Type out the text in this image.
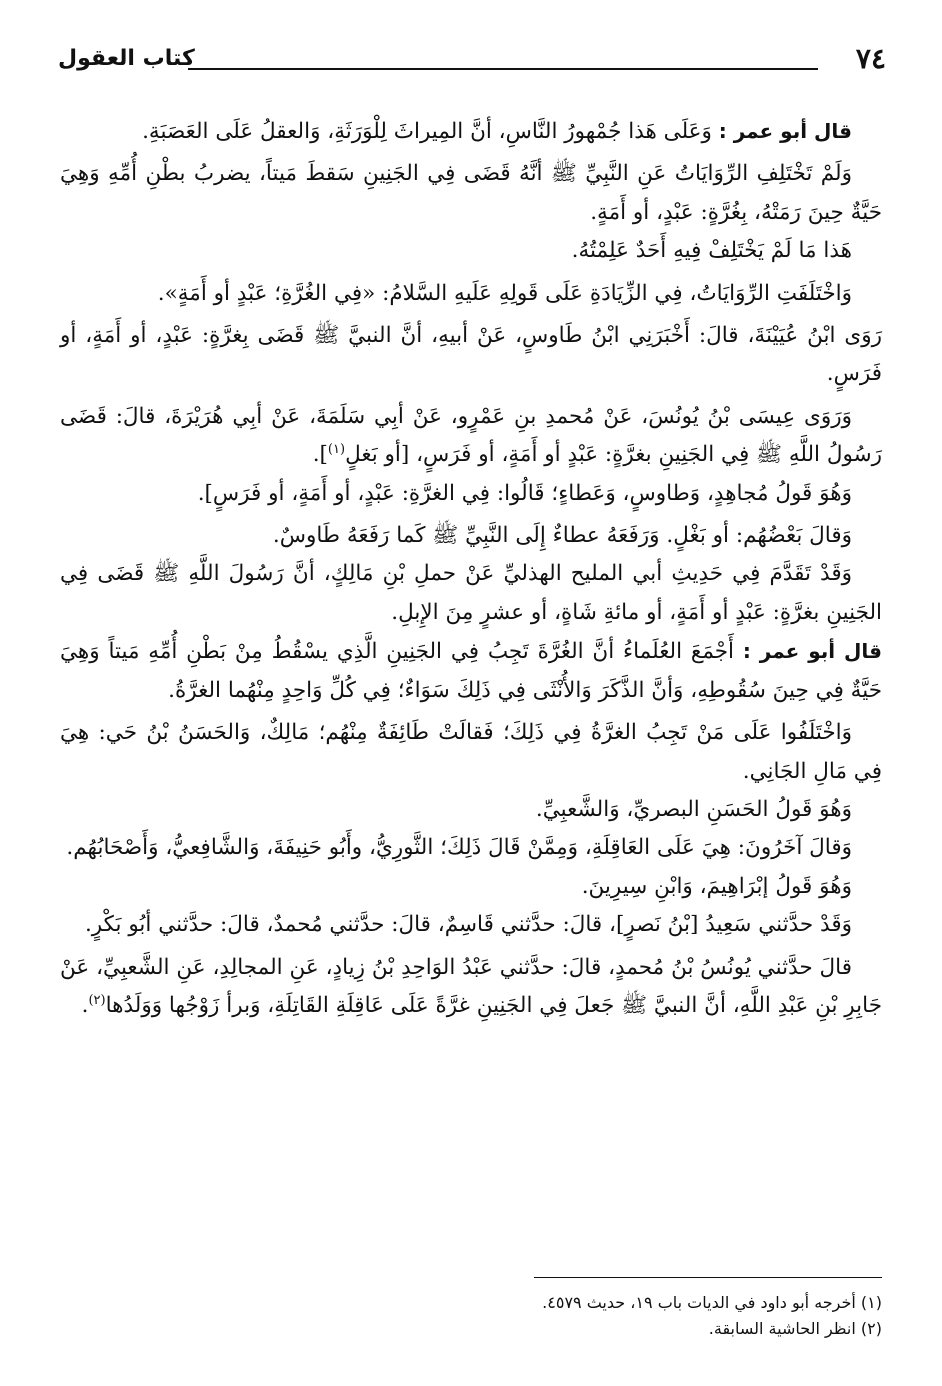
٧٤
كتاب العقول

قال أبو عمر : وَعَلَى هَذا جُمْهورُ النَّاسِ، أنَّ المِيراثَ لِلْوَرَثَةِ، وَالعقلُ عَلَى العَصَبَةِ.

وَلَمْ تَخْتَلِفِ الرِّوَايَاتُ عَنِ النَّبِيِّ ﷺ أنَّهُ قَضَى فِي الجَنِينِ سَقطَ مَيتاً، يضربُ بطْنِ أُمِّهِ وَهِيَ حَيَّةٌ حِينَ رَمَتْهُ، بِغُرَّةٍ: عَبْدٍ، أو أَمَةٍ.

هَذا مَا لَمْ يَخْتَلِفْ فِيهِ أَحَدٌ عَلِمْتُهُ.

وَاخْتَلَفَتِ الرِّوَايَاتُ، فِي الزِّيَادَةِ عَلَى قَولِهِ عَلَيهِ السَّلامُ: «فِي الغُرَّةِ؛ عَبْدٍ أو أَمَةٍ».

رَوَى ابْنُ عُيَيْنَةَ، قالَ: أَخْبَرَنِي ابْنُ طَاوسٍ، عَنْ أبيهِ، أنَّ النبيَّ ﷺ قَضَى بِغرَّةٍ: عَبْدٍ، أو أَمَةٍ، أو فَرَسٍ.

وَرَوَى عِيسَى بْنُ يُونُسَ، عَنْ مُحمدِ بنِ عَمْرٍو، عَنْ أبِي سَلَمَةَ، عَنْ أبِي هُرَيْرَةَ، قالَ: قَضَى رَسُولُ اللَّهِ ﷺ فِي الجَنِينِ بغرَّةٍ: عَبْدٍ أو أَمَةٍ، أو فَرَسٍ، [أو بَغلٍ$^{(١)}$].

وَهُوَ قَولُ مُجاهِدٍ، وَطاوسٍ، وَعَطاءٍ؛ قَالُوا: فِي الغرَّةِ: عَبْدٍ، أو أَمَةٍ، أو فَرَسٍ].

وَقالَ بَعْضُهُم: أو بَغْلٍ. وَرَفَعَهُ عطاءٌ إِلَى النَّبِيِّ ﷺ كَما رَفَعَهُ طَاوسٌ.

وَقَدْ تَقَدَّمَ فِي حَدِيثِ أبي المليح الهذليِّ عَنْ حملِ بْنِ مَالِكٍ، أنَّ رَسُولَ اللَّهِ ﷺ قَضَى فِي الجَنِينِ بغرَّةٍ: عَبْدٍ أو أَمَةٍ، أو مائةِ شَاةٍ، أو عشرٍ مِنَ الإِبلِ.

قال أبو عمر : أَجْمَعَ العُلَماءُ أنَّ الغُرَّةَ تَجِبُ فِي الجَنِينِ الَّذِي يسْقُطُ مِنْ بَطْنِ أُمِّهِ مَيتاً وَهِيَ حَيَّةٌ فِي حِينَ سُقُوطِهِ، وَأنَّ الذَّكَرَ وَالأُنْثَى فِي ذَلِكَ سَوَاءٌ؛ فِي كُلِّ وَاحِدٍ مِنْهُما الغرَّةُ.

وَاخْتَلَفُوا عَلَى مَنْ تَجِبُ الغرَّةُ فِي ذَلِكَ؛ فَقالَتْ طَائِفَةٌ مِنْهُم؛ مَالِكٌ، وَالحَسَنُ بْنُ حَي: هِيَ فِي مَالِ الجَانِي.

وَهُوَ قَولُ الحَسَنِ البصريِّ، وَالشَّعبِيِّ.

وَقالَ آخَرُونَ: هِيَ عَلَى العَاقِلَةِ، وَمِمَّنْ قَالَ ذَلِكَ؛ الثَّورِيُّ، وأَبُو حَنِيفَةَ، وَالشَّافِعيُّ، وَأَصْحَابُهُم.

وَهُوَ قَولُ إبْرَاهِيمَ، وَابْنِ سِيرِينَ.

وَقَدْ حدَّثني سَعِيدُ [بْنُ نَصرٍ]، قالَ: حدَّثني قَاسِمٌ، قالَ: حدَّثني مُحمدٌ، قالَ: حدَّثني أبُو بَكْرٍ.

قالَ حدَّثني يُونُسُ بْنُ مُحمدٍ، قالَ: حدَّثني عَبْدُ الوَاحِدِ بْنُ زِيادٍ، عَنِ المجالِدِ، عَنِ الشَّعبِيِّ، عَنْ جَابِرِ بْنِ عَبْدِ اللَّهِ، أنَّ النبيَّ ﷺ جَعلَ فِي الجَنِينِ غرَّةً عَلَى عَاقِلَةِ القَاتِلَةِ، وَبرأ زَوْجُها وَوَلَدُها$^{(٢)}$.

(١) أخرجه أبو داود في الديات باب ١٩، حديث ٤٥٧٩.
(٢) انظر الحاشية السابقة.
